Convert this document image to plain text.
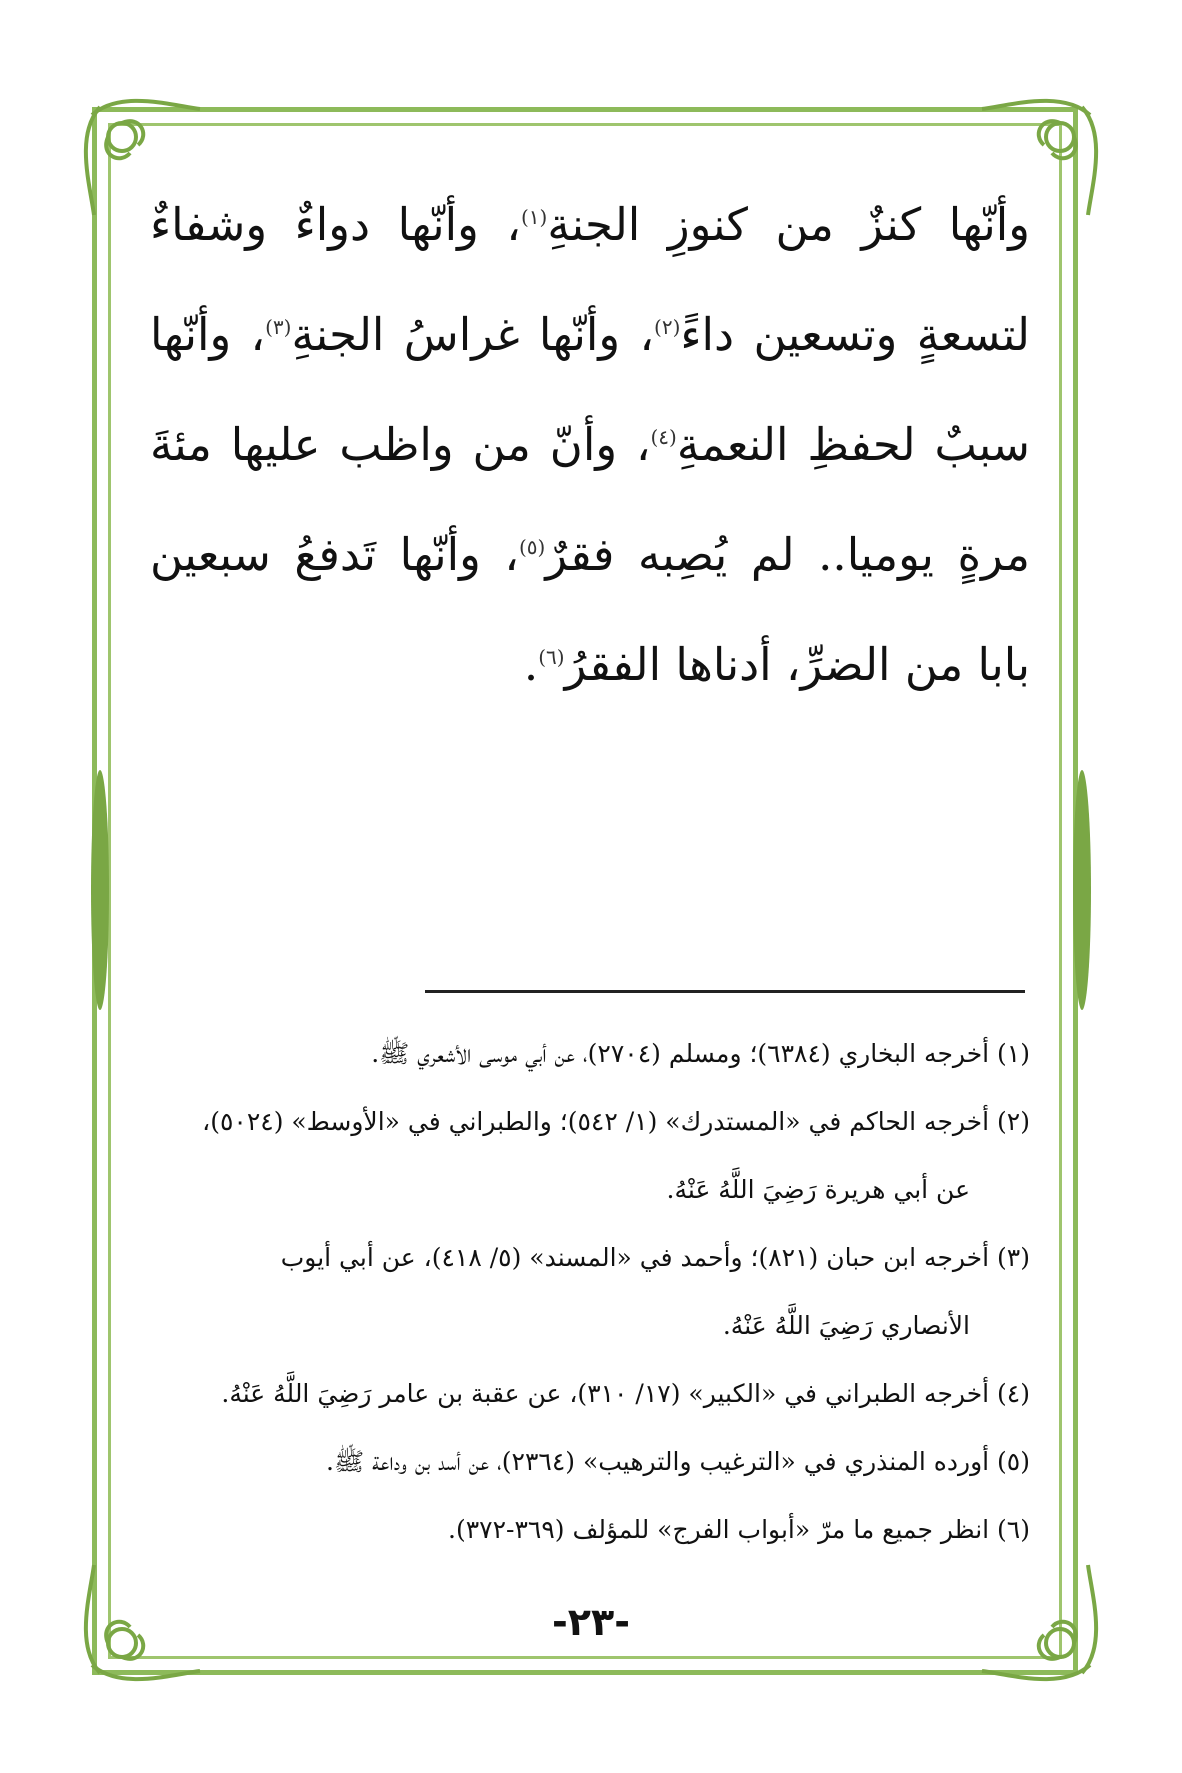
وأنّها كنزٌ من كنوزِ الجنةِ$^{(١)}$، وأنّها دواءٌ وشفاءٌ لتسعةٍ وتسعين داءً$^{(٢)}$، وأنّها غراسُ الجنةِ$^{(٣)}$، وأنّها سببٌ لحفظِ النعمةِ$^{(٤)}$، وأنّ من واظب عليها مئةَ مرةٍ يوميا.. لم يُصِبه فقرٌ$^{(٥)}$، وأنّها تَدفعُ سبعين بابا من الضرِّ، أدناها الفقرُ$^{(٦)}$.
(١) أخرجه البخاري (٦٣٨٤)؛ ومسلم (٢٧٠٤)، عن أبي موسى الأشعري ﷺ.
(٢) أخرجه الحاكم في «المستدرك» (١/ ٥٤٢)؛ والطبراني في «الأوسط» (٥٠٢٤)،
عن أبي هريرة رَضِيَ اللَّهُ عَنْهُ.
(٣) أخرجه ابن حبان (٨٢١)؛ وأحمد في «المسند» (٥/ ٤١٨)، عن أبي أيوب
الأنصاري رَضِيَ اللَّهُ عَنْهُ.
(٤) أخرجه الطبراني في «الكبير» (١٧/ ٣١٠)، عن عقبة بن عامر رَضِيَ اللَّهُ عَنْهُ.
(٥) أورده المنذري في «الترغيب والترهيب» (٢٣٦٤)، عن أسد بن وداعة ﷺ.
(٦) انظر جميع ما مرّ «أبواب الفرج» للمؤلف (٣٦٩-٣٧٢).
-٢٣-
